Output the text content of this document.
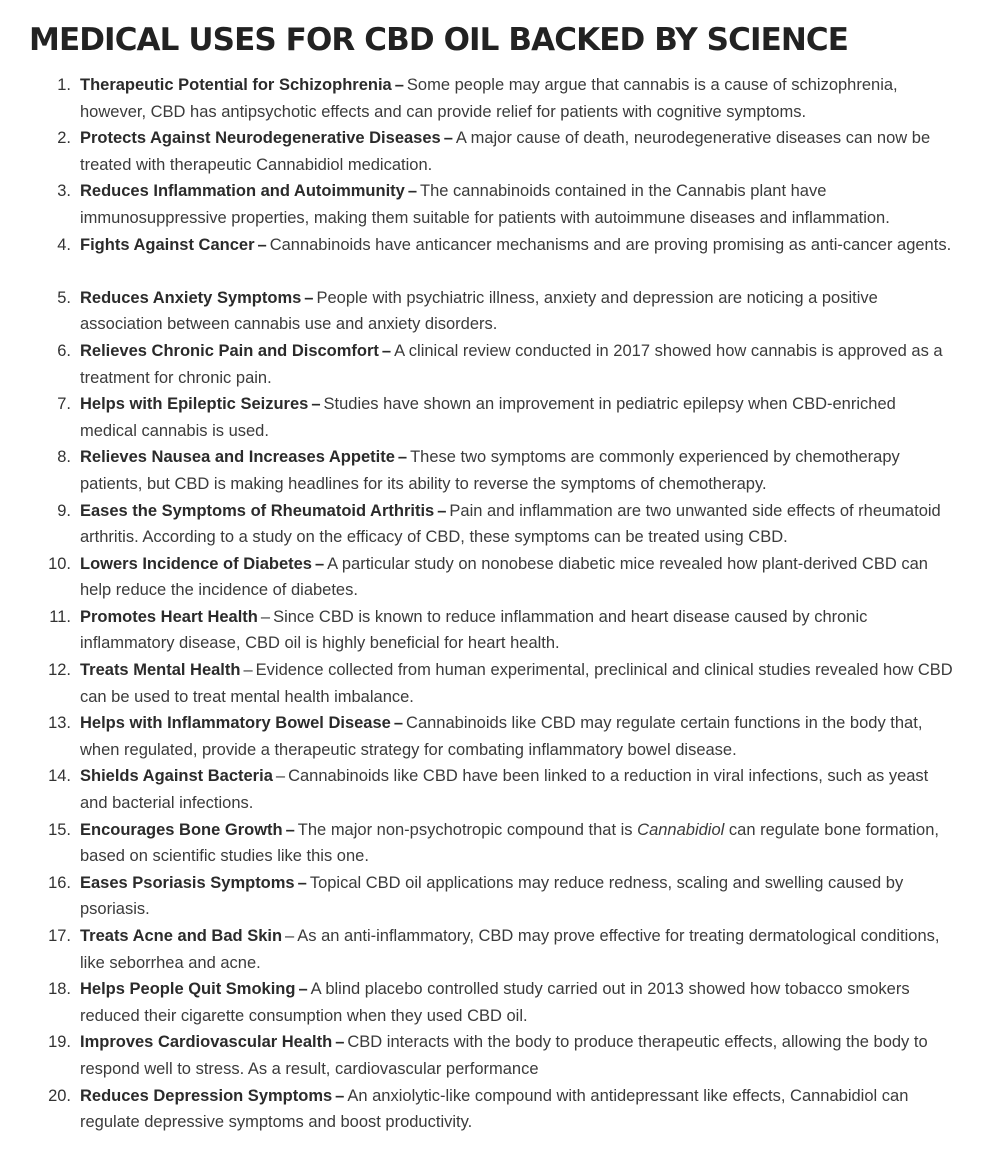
MEDICAL USES FOR CBD OIL BACKED BY SCIENCE
1. Therapeutic Potential for Schizophrenia – Some people may argue that cannabis is a cause of schizophrenia, however, CBD has antipsychotic effects and can provide relief for patients with cognitive symptoms.
2. Protects Against Neurodegenerative Diseases – A major cause of death, neurodegenerative diseases can now be treated with therapeutic Cannabidiol medication.
3. Reduces Inflammation and Autoimmunity – The cannabinoids contained in the Cannabis plant have immunosuppressive properties, making them suitable for patients with autoimmune diseases and inflammation.
4. Fights Against Cancer – Cannabinoids have anticancer mechanisms and are proving promising as anti-cancer agents.
5. Reduces Anxiety Symptoms – People with psychiatric illness, anxiety and depression are noticing a positive association between cannabis use and anxiety disorders.
6. Relieves Chronic Pain and Discomfort – A clinical review conducted in 2017 showed how cannabis is approved as a treatment for chronic pain.
7. Helps with Epileptic Seizures – Studies have shown an improvement in pediatric epilepsy when CBD-enriched medical cannabis is used.
8. Relieves Nausea and Increases Appetite – These two symptoms are commonly experienced by chemotherapy patients, but CBD is making headlines for its ability to reverse the symptoms of chemotherapy.
9. Eases the Symptoms of Rheumatoid Arthritis – Pain and inflammation are two unwanted side effects of rheumatoid arthritis. According to a study on the efficacy of CBD, these symptoms can be treated using CBD.
10. Lowers Incidence of Diabetes – A particular study on nonobese diabetic mice revealed how plant-derived CBD can help reduce the incidence of diabetes.
11. Promotes Heart Health – Since CBD is known to reduce inflammation and heart disease caused by chronic inflammatory disease, CBD oil is highly beneficial for heart health.
12. Treats Mental Health – Evidence collected from human experimental, preclinical and clinical studies revealed how CBD can be used to treat mental health imbalance.
13. Helps with Inflammatory Bowel Disease – Cannabinoids like CBD may regulate certain functions in the body that, when regulated, provide a therapeutic strategy for combating inflammatory bowel disease.
14. Shields Against Bacteria – Cannabinoids like CBD have been linked to a reduction in viral infections, such as yeast and bacterial infections.
15. Encourages Bone Growth – The major non-psychotropic compound that is Cannabidiol can regulate bone formation, based on scientific studies like this one.
16. Eases Psoriasis Symptoms – Topical CBD oil applications may reduce redness, scaling and swelling caused by psoriasis.
17. Treats Acne and Bad Skin – As an anti-inflammatory, CBD may prove effective for treating dermatological conditions, like seborrhea and acne.
18. Helps People Quit Smoking – A blind placebo controlled study carried out in 2013 showed how tobacco smokers reduced their cigarette consumption when they used CBD oil.
19. Improves Cardiovascular Health – CBD interacts with the body to produce therapeutic effects, allowing the body to respond well to stress. As a result, cardiovascular performance
20. Reduces Depression Symptoms – An anxiolytic-like compound with antidepressant like effects, Cannabidiol can regulate depressive symptoms and boost productivity.
